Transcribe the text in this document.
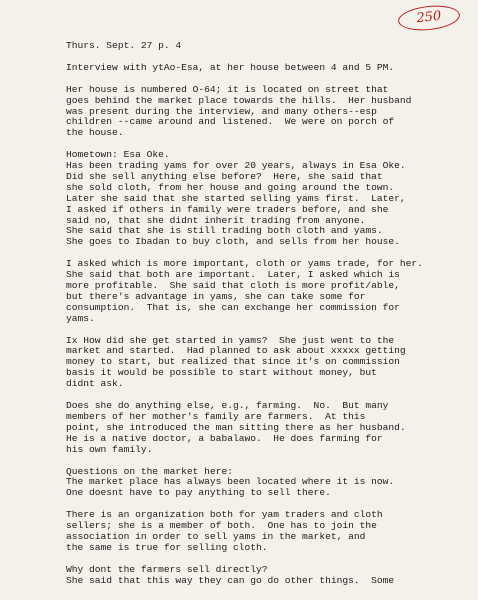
250
Thurs. Sept. 27 p. 4
Interview with ytAo-Esa, at her house between 4 and 5 PM.
Her house is numbered O-64; it is located on street that
goes behind the market place towards the hills.  Her husband
was present during the interview, and many others--esp
children --came around and listened.  We were on porch of
the house.
Hometown: Esa Oke.
Has been trading yams for over 20 years, always in Esa Oke.
Did she sell anything else before?  Here, she said that
she sold cloth, from her house and going around the town.
Later she said that she started selling yams first.  Later,
I asked if others in family were traders before, and she
said no, that she didnt inherit trading from anyone.
She said that she is still trading both cloth and yams.
She goes to Ibadan to buy cloth, and sells from her house.
I asked which is more important, cloth or yams trade, for her.
She said that both are important.  Later, I asked which is
more profitable.  She said that cloth is more profit/able,
but there's advantage in yams, she can take some for
consumption.  That is, she can exchange her commission for
yams.
Ix How did she get started in yams?  She just went to the
market and started.  Had planned to ask about xxxxx getting
money to start, but realized that since it's on commission
basis it would be possible to start without money, but
didnt ask.
Does she do anything else, e.g., farming.  No.  But many
members of her mother's family are farmers.  At this
point, she introduced the man sitting there as her husband.
He is a native doctor, a babalawo.  He does farming for
his own family.
Questions on the market here:
The market place has always been located where it is now.
One doesnt have to pay anything to sell there.
There is an organization both for yam traders and cloth
sellers; she is a member of both.  One has to join the
association in order to sell yams in the market, and
the same is true for selling cloth.
Why dont the farmers sell directly?
She said that this way they can go do other things.  Some
